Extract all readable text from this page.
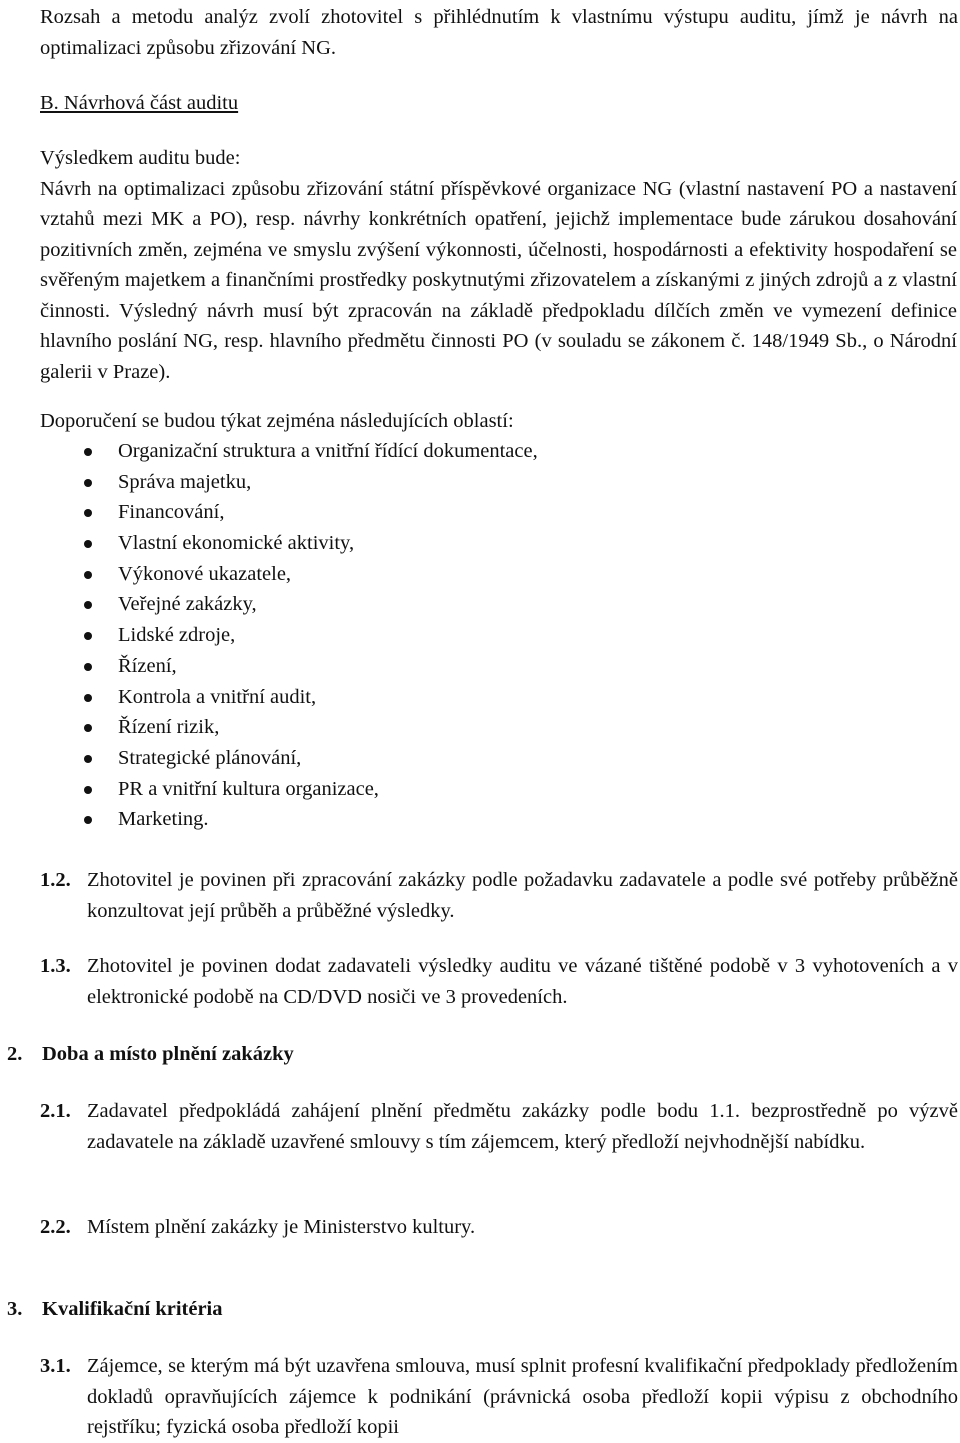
Rozsah a metodu analýz zvolí zhotovitel s přihlédnutím k vlastnímu výstupu auditu, jímž je návrh na optimalizaci způsobu zřizování NG.

B. Návrhová část auditu

Výsledkem auditu bude:
Návrh na optimalizaci způsobu zřizování státní příspěvkové organizace NG (vlastní nastavení PO a nastavení vztahů mezi MK a PO), resp. návrhy konkrétních opatření, jejichž implementace bude zárukou dosahování pozitivních změn, zejména ve smyslu zvýšení výkonnosti, účelnosti, hospodárnosti a efektivity hospodaření se svěřeným majetkem a finančními prostředky poskytnutými zřizovatelem a získanými z jiných zdrojů a z vlastní činnosti. Výsledný návrh musí být zpracován na základě předpokladu dílčích změn ve vymezení definice hlavního poslání NG, resp. hlavního předmětu činnosti PO (v souladu se zákonem č. 148/1949 Sb., o Národní galerii v Praze).

Doporučení se budou týkat zejména následujících oblastí:

Organizační struktura a vnitřní řídící dokumentace,
Správa majetku,
Financování,
Vlastní ekonomické aktivity,
Výkonové ukazatele,
Veřejné zakázky,
Lidské zdroje,
Řízení,
Kontrola a vnitřní audit,
Řízení rizik,
Strategické plánování,
PR a vnitřní kultura organizace,
Marketing.
1.2. Zhotovitel je povinen při zpracování zakázky podle požadavku zadavatele a podle své potřeby průběžně konzultovat její průběh a průběžné výsledky.
1.3. Zhotovitel je povinen dodat zadavateli výsledky auditu ve vázané tištěné podobě v 3 vyhotoveních a v elektronické podobě na CD/DVD nosiči ve 3 provedeních.
2. Doba a místo plnění zakázky
2.1. Zadavatel předpokládá zahájení plnění předmětu zakázky podle bodu 1.1. bezprostředně po výzvě zadavatele na základě uzavřené smlouvy s tím zájemcem, který předloží nejvhodnější nabídku.
2.2. Místem plnění zakázky je Ministerstvo kultury.
3. Kvalifikační kritéria
3.1. Zájemce, se kterým má být uzavřena smlouva, musí splnit profesní kvalifikační předpoklady předložením dokladů opravňujících zájemce k podnikání (právnická osoba předloží kopii výpisu z obchodního rejstříku; fyzická osoba předloží kopii
